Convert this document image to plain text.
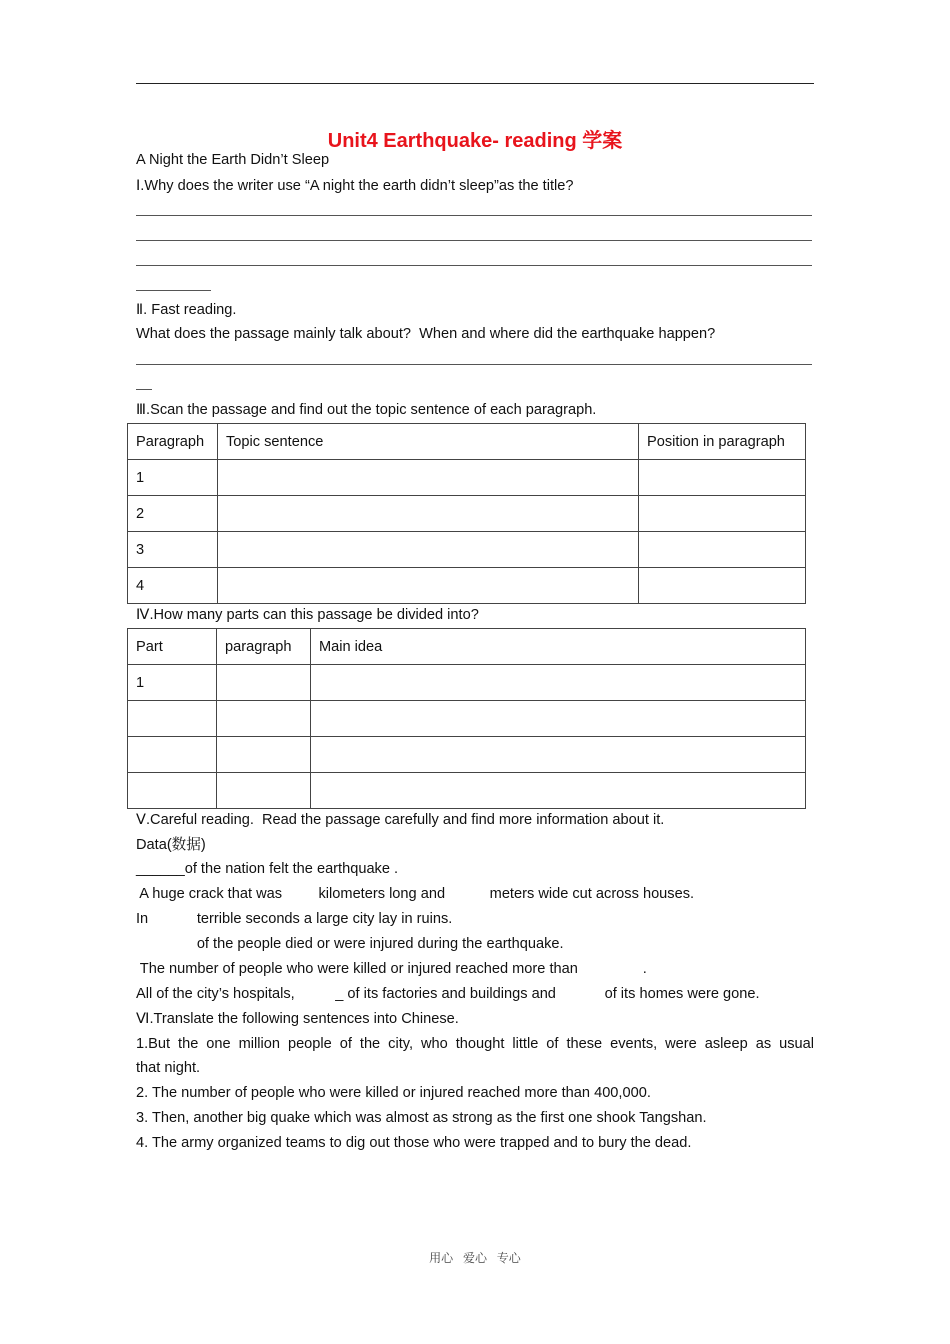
Unit4 Earthquake- reading 学案
A Night the Earth Didn’t Sleep
Ⅰ.Why does the writer use “A night the earth didn’t sleep”as the title?
Ⅱ. Fast reading.
What does the passage mainly talk about?  When and where did the earthquake happen?
Ⅲ.Scan the passage and find out the topic sentence of each paragraph.
Paragraph	Topic sentence	Position in paragraph
1		
2		
3		
4		
Ⅳ.How many parts can this passage be divided into?
Part	paragraph	Main idea
1		

Ⅴ.Careful reading.  Read the passage carefully and find more information about it.
Data(数据)
______of the nation felt the earthquake .
A huge crack that was         kilometers long and           meters wide cut across houses.
In            terrible seconds a large city lay in ruins.
of the people died or were injured during the earthquake.
The number of people who were killed or injured reached more than                .
All of the city’s hospitals,          _ of its factories and buildings and            of its homes were gone.
Ⅵ.Translate the following sentences into Chinese.
1.But the one million people of the city, who thought little of these events, were asleep as usual
that night.
2. The number of people who were killed or injured reached more than 400,000.
3. Then, another big quake which was almost as strong as the first one shook Tangshan.
4. The army organized teams to dig out those who were trapped and to bury the dead.
用心 爱心 专心
